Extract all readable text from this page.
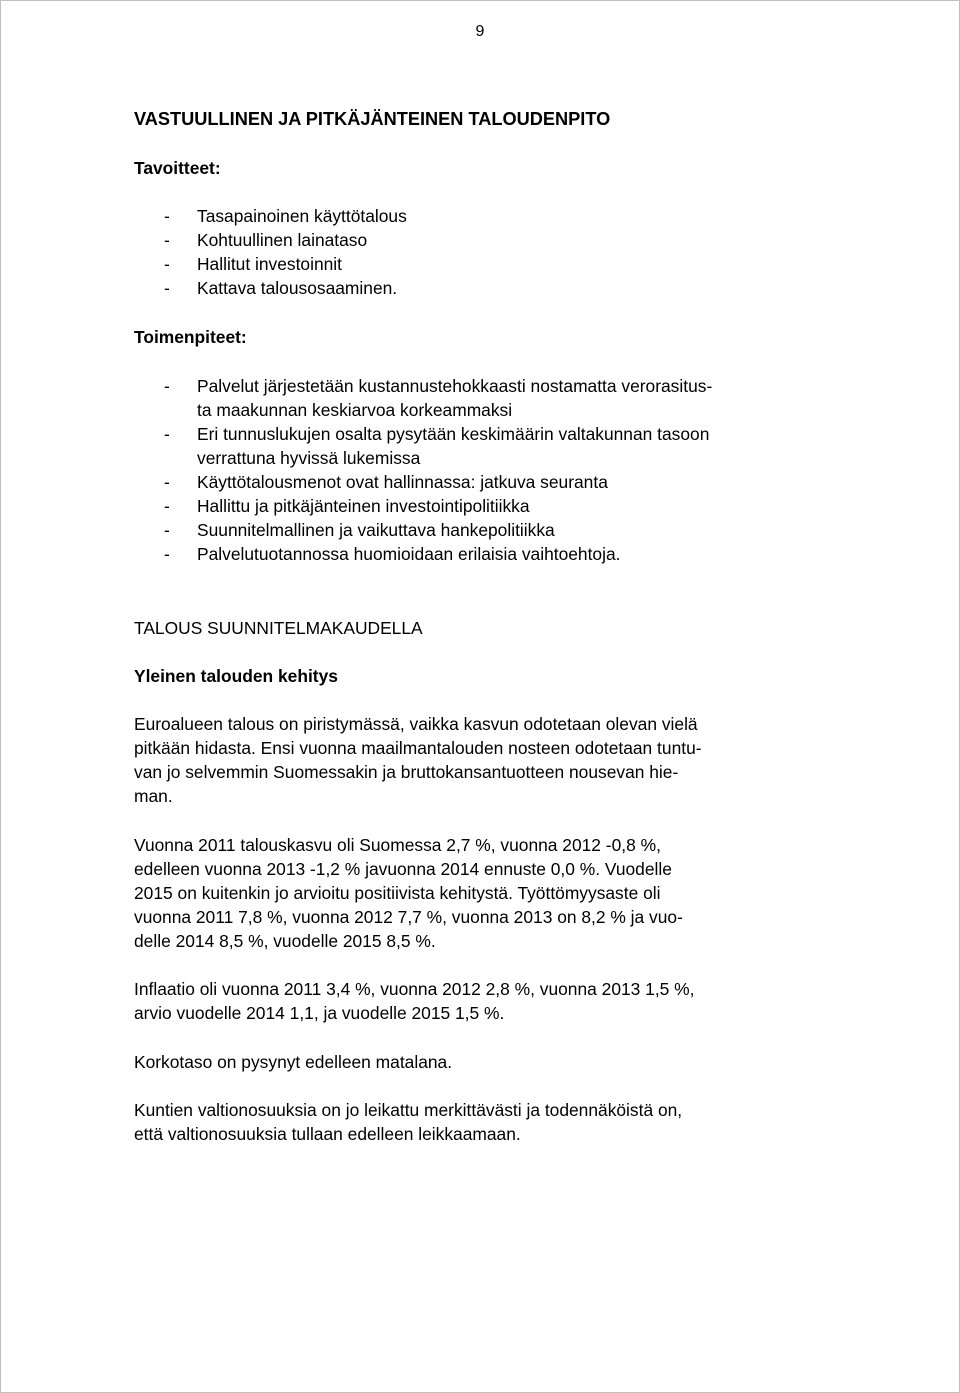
9
VASTUULLINEN JA PITKÄJÄNTEINEN TALOUDENPITO
Tavoitteet:
- Tasapainoinen käyttötalous
- Kohtuullinen lainataso
- Hallitut investoinnit
- Kattava talousosaaminen.
Toimenpiteet:
- Palvelut järjestetään kustannustehokkaasti nostamatta verorasitus-
ta maakunnan keskiarvoa korkeammaksi
- Eri tunnuslukujen osalta pysytään keskimäärin valtakunnan tasoon
verrattuna hyvissä lukemissa
- Käyttötalousmenot ovat hallinnassa: jatkuva seuranta
- Hallittu ja pitkäjänteinen investointipolitiikka
- Suunnitelmallinen ja vaikuttava hankepolitiikka
- Palvelutuotannossa huomioidaan erilaisia vaihtoehtoja.
TALOUS SUUNNITELMAKAUDELLA
Yleinen talouden kehitys
Euroalueen talous on piristymässä, vaikka kasvun odotetaan olevan vielä
pitkään hidasta. Ensi vuonna maailmantalouden nosteen odotetaan tuntu-
van jo selvemmin Suomessakin ja bruttokansantuotteen nousevan hie-
man.
Vuonna 2011 talouskasvu oli Suomessa 2,7 %, vuonna 2012 -0,8 %,
edelleen vuonna 2013 -1,2 % javuonna 2014 ennuste 0,0 %. Vuodelle
2015 on kuitenkin jo arvioitu positiivista kehitystä. Työttömyysaste oli
vuonna 2011 7,8 %, vuonna 2012 7,7 %, vuonna 2013 on 8,2 % ja vuo-
delle 2014 8,5 %, vuodelle 2015 8,5 %.
Inflaatio oli vuonna 2011 3,4 %, vuonna 2012 2,8 %, vuonna 2013 1,5 %,
arvio vuodelle 2014 1,1, ja vuodelle 2015 1,5 %.
Korkotaso on pysynyt edelleen matalana.
Kuntien valtionosuuksia on jo leikattu merkittävästi ja todennäköistä on,
että valtionosuuksia tullaan edelleen leikkaamaan.
